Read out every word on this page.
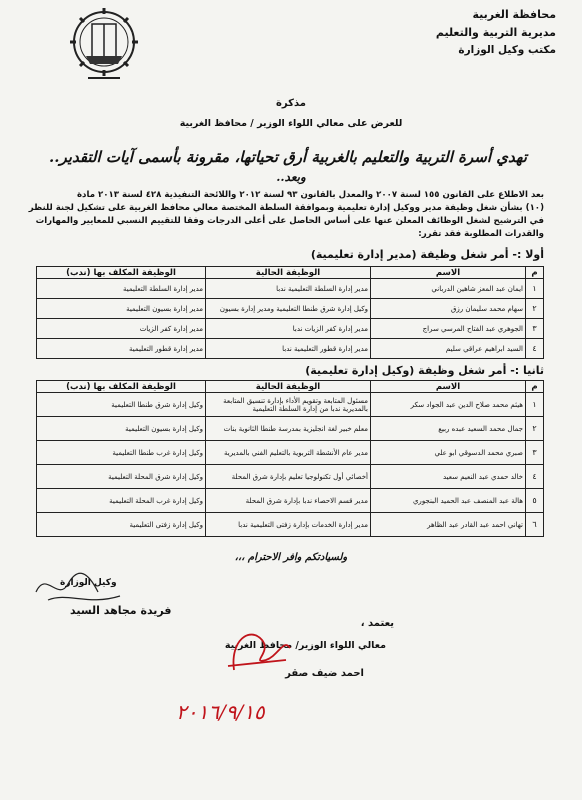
محافظة الغربية
مديرية التربية والتعليم
مكتب وكيل الوزارة
مذكرة
للعرض على معالي اللواء الوزير / محافظ الغربية
تهدي أسرة التربية والتعليم بالغربية أرق تحياتها، مقرونة بأسمى آيات التقدير..
وبعد..
بعد الاطلاع على القانون ١٥٥ لسنة ٢٠٠٧ والمعدل بالقانون ٩٣ لسنة ٢٠١٢ واللائحة التنفيذية ٤٢٨ لسنة ٢٠١٣ مادة
(١٠) بشأن شغل وظيفة مدير ووكيل إدارة تعليمية وبموافقة السلطة المختصة معالي محافظ الغربية على تشكيل لجنة للنظر
في الترشيح لشغل الوظائف المعلن عنها على أساس الحاصل على أعلى الدرجات وفقا للتقييم النسبي للمعايير والمهارات
والقدرات المطلوبة فقد تقرر:
أولا :- أمر شغل وظيفة (مدير إدارة تعليمية)
م	الاسم	الوظيفة الحالية	الوظيفة المكلف بها (ندب)
١	ايمان عبد المعز شاهين الدرباني	مدير إدارة السلطة التعليمية ندبا	مدير إدارة السلطة التعليمية
٢	سهام محمد سليمان رزق	وكيل إدارة شرق طنطا التعليمية ومدير إدارة بسيون	مدير إدارة بسيون التعليمية
٣	الجوهري عبد الفتاح المرسي سراج	مدير إدارة كفر الزيات ندبا	مدير إدارة كفر الزيات
٤	السيد ابراهيم عراقي سليم	مدير إدارة قطور التعليمية ندبا	مدير إدارة قطور التعليمية
ثانيا :- أمر شغل وظيفة (وكيل إدارة تعليمية)
م	الاسم	الوظيفة الحالية	الوظيفة المكلف بها (ندب)
١	هيثم محمد صلاح الدين عبد الجواد سكر	مسئول المتابعة وتقويم الأداء بإدارة تنسيق المتابعة بالمديرية ندبا من إدارة السلطة التعليمية	وكيل إدارة شرق طنطا التعليمية
٢	جمال محمد السعيد عبده ربيع	معلم خبير لغة انجليزية بمدرسة طنطا الثانوية بنات	وكيل إدارة بسيون التعليمية
٣	صبري محمد الدسوقي ابو علي	مدير عام الأنشطة التربوية بالتعليم الفني بالمديرية	وكيل إدارة غرب طنطا التعليمية
٤	خالد حمدي عبد النعيم سعيد	أخصائي أول تكنولوجيا تعليم بإدارة شرق المحلة	وكيل إدارة شرق المحلة التعليمية
٥	هالة عبد المنصف عبد الحميد البنجوري	مدير قسم الاحصاء ندبا بإدارة شرق المحلة	وكيل إدارة غرب المحلة التعليمية
٦	تهاني احمد عبد القادر عبد الظاهر	مدير إدارة الخدمات بإدارة زفتى التعليمية ندبا	وكيل إدارة زفتى التعليمية
ولسيادتكم وافر الاحترام ،،،
وكيل الوزارة
فريدة مجاهد السيد
يعتمد ،
معالي اللواء الوزير/ محافظ الغربية
احمد ضيف صقر
٢٠١٦/٩/١٥
